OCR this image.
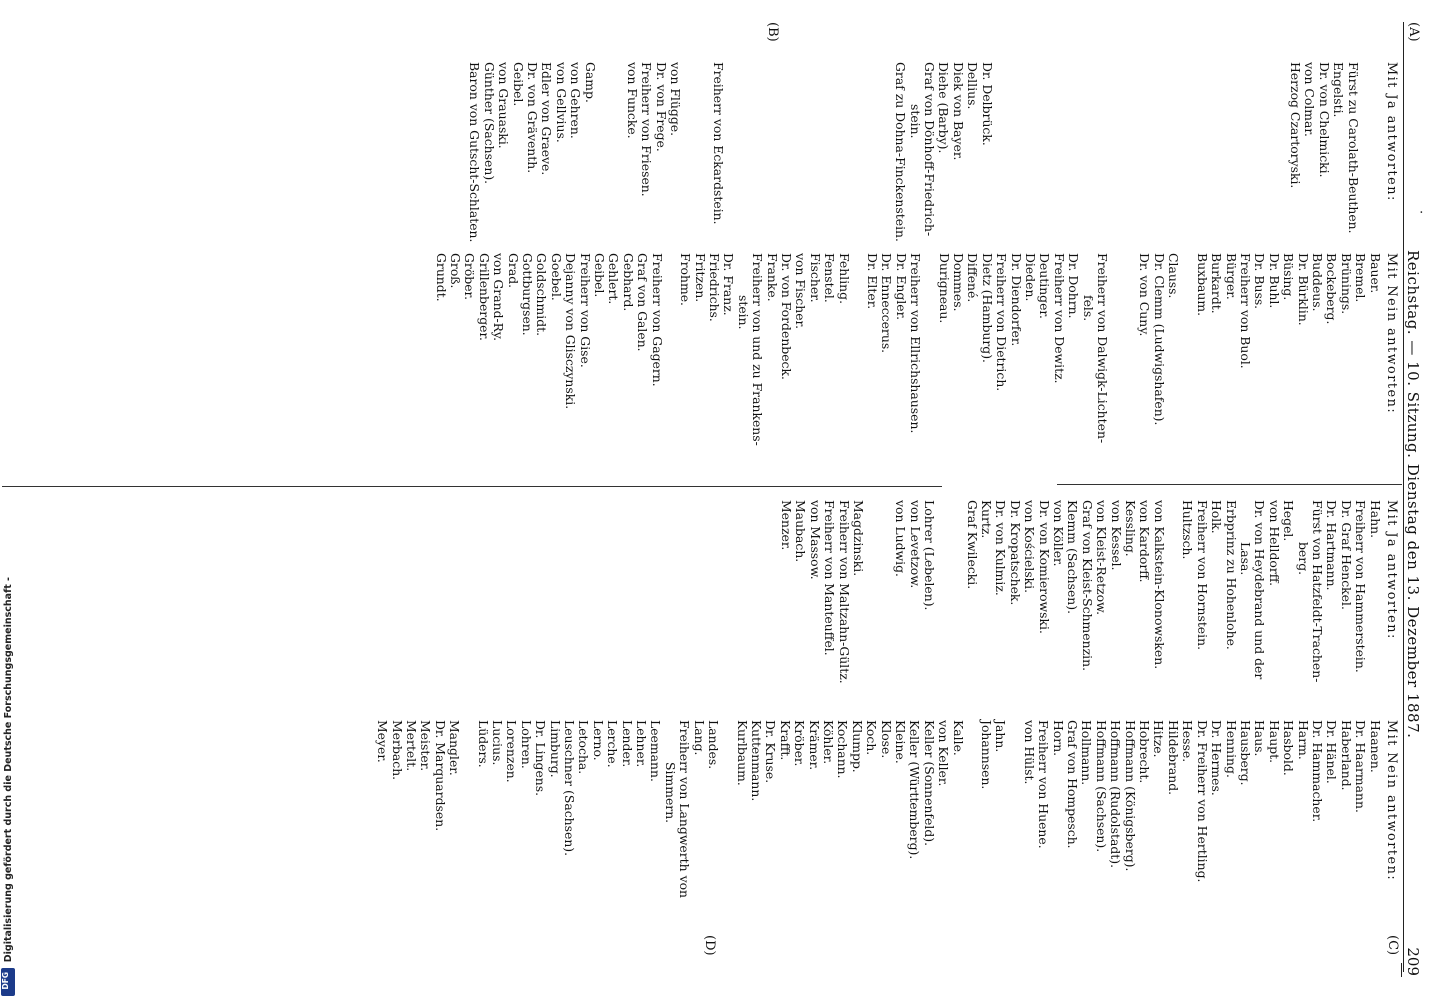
(A)
·
Reichstag. — 10. Sitzung. Dienstag den 13. Dezember 1887.
209
(C)
(B)
(D)
Mit Ja antworten:
Fürst zu Carolath-Beuthen.
Engelsti.
Dr. von Chelmicki.
von Colmar.
Herzog Czartoryski.
Dr. Delbrück.
Dellius.
Diek von Bayer.
Diehe (Barby).
Graf von Dönhoff-Friedrich-
stein.
Graf zu Dohna-Finckenstein.
Freiherr von Eckardstein.
von Flügge.
Dr. von Frege.
Freiherr von Friesen.
von Funcke.
Gamp.
von Gehren.
von Gellvius.
Edler von Graeve.
Dr. von Gräventh.
Geibel.
von Grauaski.
Günther (Sachsen).
Baron von Gutscht-Schlaten.
Mit Nein antworten:
Bauer.
Bremel.
Brünings.
Bockeberg.
Buddeus.
Dr. Bürklin.
Büsing.
Dr. Buhl.
Dr. Buss.
Freiherr von Buol.
Bürger.
Burkardt.
Buxbaum.
Clauss.
Dr. Clemm (Ludwigshafen).
Dr. von Cuny.
Freiherr von Dalwigk-Lichten-
fels.
Dr. Dohrn.
Freiherr von Dewitz.
Deutinger.
Dieden.
Dr. Diendorfer.
Freiherr von Dietrich.
Dietz (Hamburg).
Diffené.
Dommes.
Durigneau.
Freiherr von Ellrichshausen.
Dr. Engler.
Dr. Enneccerus.
Dr. Elter.
Fehling.
Fenstel.
Fischer.
von Fischer.
Dr. von Fordenbeck.
Franke.
Freiherr von und zu Frankens-
stein.
Dr. Franz.
Friedrichs.
Fritzen.
Frohme.
Freiherr von Gagern.
Graf von Galen.
Gebhard.
Gehlert.
Geibel.
Freiherr von Gise.
Dejanny von Glisczynski.
Goebel.
Goldschmidt.
Gottburgsen.
Grad.
von Grand-Ry.
Grillenberger.
Gröber.
Groß.
Grundt.
Mit Ja antworten:
Hahn.
Freiherr von Hammerstein.
Dr. Graf Henckel.
Dr. Hartmann.
Fürst von Hatzfeldt-Trachen-
berg.
Hegel.
von Helldorff.
Dr. von Heydebrand und der
Lasa.
Erbprinz zu Hohenlohe.
Holk.
Freiherr von Hornstein.
Hultzsch.
von Kalkstein-Klonowsken.
von Kardorff.
Kessling.
von Kessel.
von Kleist-Retzow.
Graf von Kleist-Schmenzin.
Klemm (Sachsen).
von Köller.
Dr. von Komierowski.
von Kościelski.
Dr. Kropatschek.
Dr. von Kulmiz.
Kurtz.
Graf Kwilecki.
Lohrer (Lebelen).
von Levetzow.
von Ludwig.
Magdzinski.
Freiherr von Maltzahn-Gültz.
Freiherr von Manteuffel.
von Massow.
Maubach.
Menzer.
Mit Nein antworten:
Haanen.
Dr. Haarmann.
Haberland.
Dr. Hänel.
Dr. Hammacher.
Harm.
Hasbold.
Haupt.
Haus.
Hausberg.
Henning.
Dr. Hermes.
Dr. Freiherr von Hertling.
Hesse.
Hildebrand.
Hitze.
Hobrecht.
Hoffmann (Königsberg).
Hoffmann (Rudolstadt).
Hoffmann (Sachsen).
Hollmann.
Graf von Hompesch.
Horn.
Freiherr von Huene.
von Hülst.
Jahn.
Johannsen.
Kalle.
von Keller.
Keller (Sonnenfeld).
Keller (Württemberg).
Kleine.
Klose.
Koch.
Klumpp.
Kochann.
Köhler.
Krämer.
Kröber.
Krafft.
Dr. Kruse.
Kuttenmann.
Kurlbaum.
Landes.
Lang.
Freiherr von Langwerth von
Simmern.
Leemann.
Lehner.
Lender.
Lerche.
Lerno.
Letocha.
Leuschner (Sachsen).
Limburg.
Dr. Lingens.
Lohren.
Lorenzen.
Lucius.
Lüders.
Mangler.
Dr. Marquardsen.
Meister.
Mertelt.
Merbach.
Meyer.
Digitalisierung gefördert durch die Deutsche Forschungsgemeinschaft -
DFG
